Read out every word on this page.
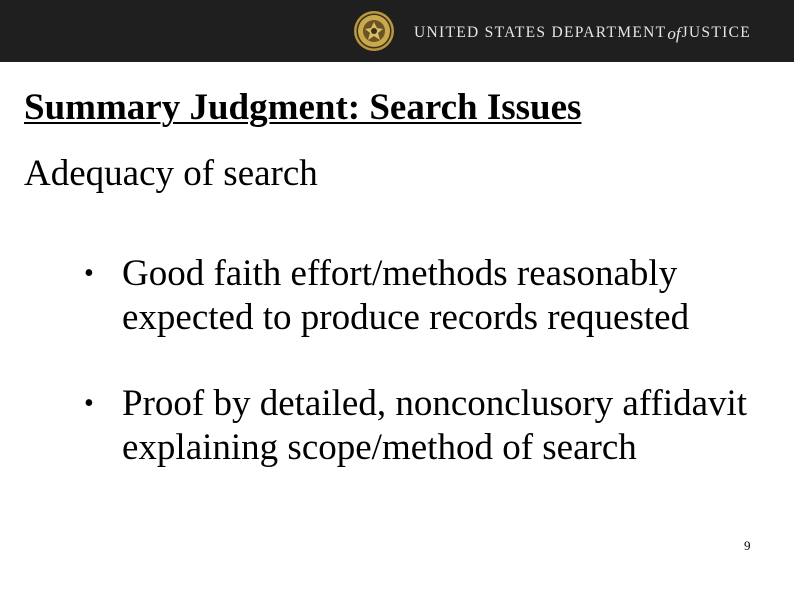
UNITED STATES DEPARTMENTofJUSTICE
Summary Judgment: Search Issues
Adequacy of search
• Good faith effort/methods reasonably expected to produce records requested
• Proof by detailed, nonconclusory affidavit explaining scope/method of search
9
